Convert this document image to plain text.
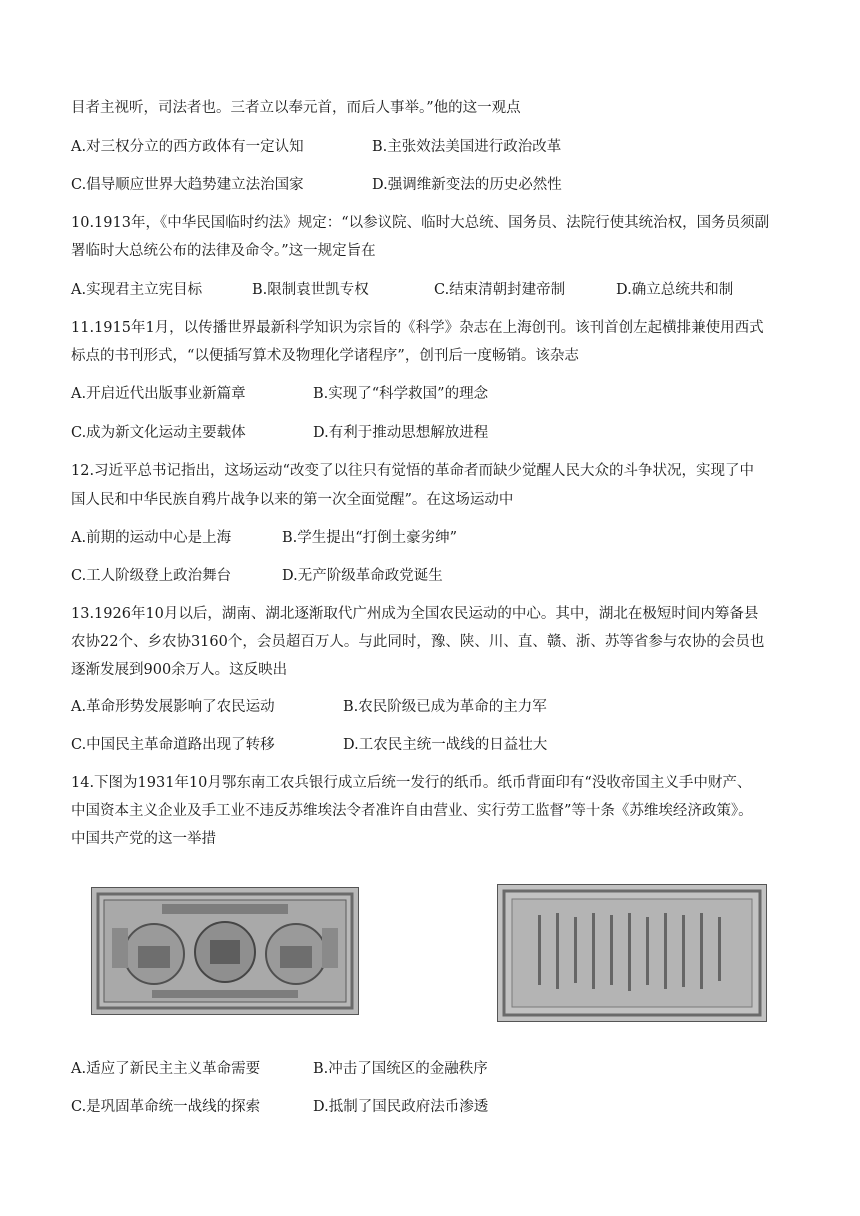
目者主视听，司法者也。三者立以奉元首，而后人事举。”他的这一观点
A.对三权分立的西方政体有一定认知	B.主张效法美国进行政治改革
C.倡导顺应世界大趋势建立法治国家	D.强调维新变法的历史必然性
10.1913年，《中华民国临时约法》规定：“以参议院、临时大总统、国务员、法院行使其统治权，国务员须副
署临时大总统公布的法律及命令。”这一规定旨在
A.实现君主立宪目标	B.限制袁世凯专权	C.结束清朝封建帝制	D.确立总统共和制
11.1915年1月，以传播世界最新科学知识为宗旨的《科学》杂志在上海创刊。该刊首创左起横排兼使用西式
标点的书刊形式，“以便插写算术及物理化学诸程序”，创刊后一度畅销。该杂志
A.开启近代出版事业新篇章	B.实现了“科学救国”的理念
C.成为新文化运动主要载体	D.有利于推动思想解放进程
12.习近平总书记指出，这场运动“改变了以往只有觉悟的革命者而缺少觉醒人民大众的斗争状况，实现了中
国人民和中华民族自鸦片战争以来的第一次全面觉醒”。在这场运动中
A.前期的运动中心是上海	B.学生提出“打倒土豪劣绅”
C.工人阶级登上政治舞台	D.无产阶级革命政党诞生
13.1926年10月以后，湖南、湖北逐渐取代广州成为全国农民运动的中心。其中，湖北在极短时间内筹备县
农协22个、乡农协3160个，会员超百万人。与此同时，豫、陕、川、直、赣、浙、苏等省参与农协的会员也
逐渐发展到900余万人。这反映出
A.革命形势发展影响了农民运动	B.农民阶级已成为革命的主力军
C.中国民主革命道路出现了转移	D.工农民主统一战线的日益壮大
14.下图为1931年10月鄂东南工农兵银行成立后统一发行的纸币。纸币背面印有“没收帝国主义手中财产、
中国资本主义企业及手工业不违反苏维埃法令者准许自由营业、实行劳工监督”等十条《苏维埃经济政策》。
中国共产党的这一举措
A.适应了新民主主义革命需要	B.冲击了国统区的金融秩序
C.是巩固革命统一战线的探索	D.抵制了国民政府法币渗透
